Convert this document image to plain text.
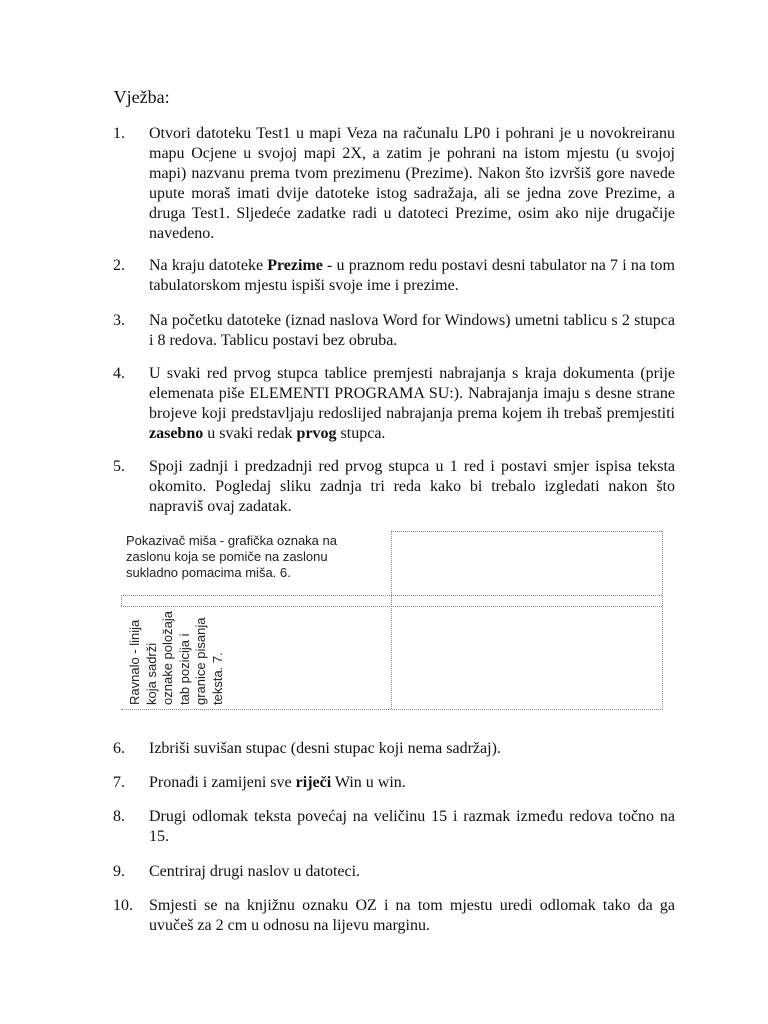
Vježba:
1. Otvori datoteku Test1 u mapi Veza na računalu LP0 i pohrani je u novokreiranu mapu Ocjene u svojoj mapi 2X, a zatim je pohrani na istom mjestu (u svojoj mapi) nazvanu prema tvom prezimenu (Prezime). Nakon što izvršiš gore navede upute moraš imati dvije datoteke istog sadražaja, ali se jedna zove Prezime, a druga Test1. Sljedeće zadatke radi u datoteci Prezime, osim ako nije drugačije navedeno.
2. Na kraju datoteke Prezime - u praznom redu postavi desni tabulator na 7 i na tom tabulatorskom mjestu ispiši svoje ime i prezime.
3. Na početku datoteke (iznad naslova Word for Windows) umetni tablicu s 2 stupca i 8 redova. Tablicu postavi bez obruba.
4. U svaki red prvog stupca tablice premjesti nabrajanja s kraja dokumenta (prije elemenata piše ELEMENTI PROGRAMA SU:). Nabrajanja imaju s desne strane brojeve koji predstavljaju redoslijed nabrajanja prema kojem ih trebaš premjestiti zasebno u svaki redak prvog stupca.
5. Spoji zadnji i predzadnji red prvog stupca u 1 red i postavi smjer ispisa teksta okomito. Pogledaj sliku zadnja tri reda kako bi trebalo izgledati nakon što napraviš ovaj zadatak.
Pokazivač miša - grafička oznaka na zaslonu koja se pomiče na zaslonu sukladno pomacima miša. 6.
Ravnalo - linija koja sadrži oznake položaja tab pozicija i granice pisanja teksta. 7.
6. Izbriši suvišan stupac (desni stupac koji nema sadržaj).
7. Pronađi i zamijeni sve riječi Win u win.
8. Drugi odlomak teksta povećaj na veličinu 15 i razmak između redova točno na 15.
9. Centriraj drugi naslov u datoteci.
10. Smjesti se na knjižnu oznaku OZ i na tom mjestu uredi odlomak tako da ga uvučeš za 2 cm u odnosu na lijevu marginu.
